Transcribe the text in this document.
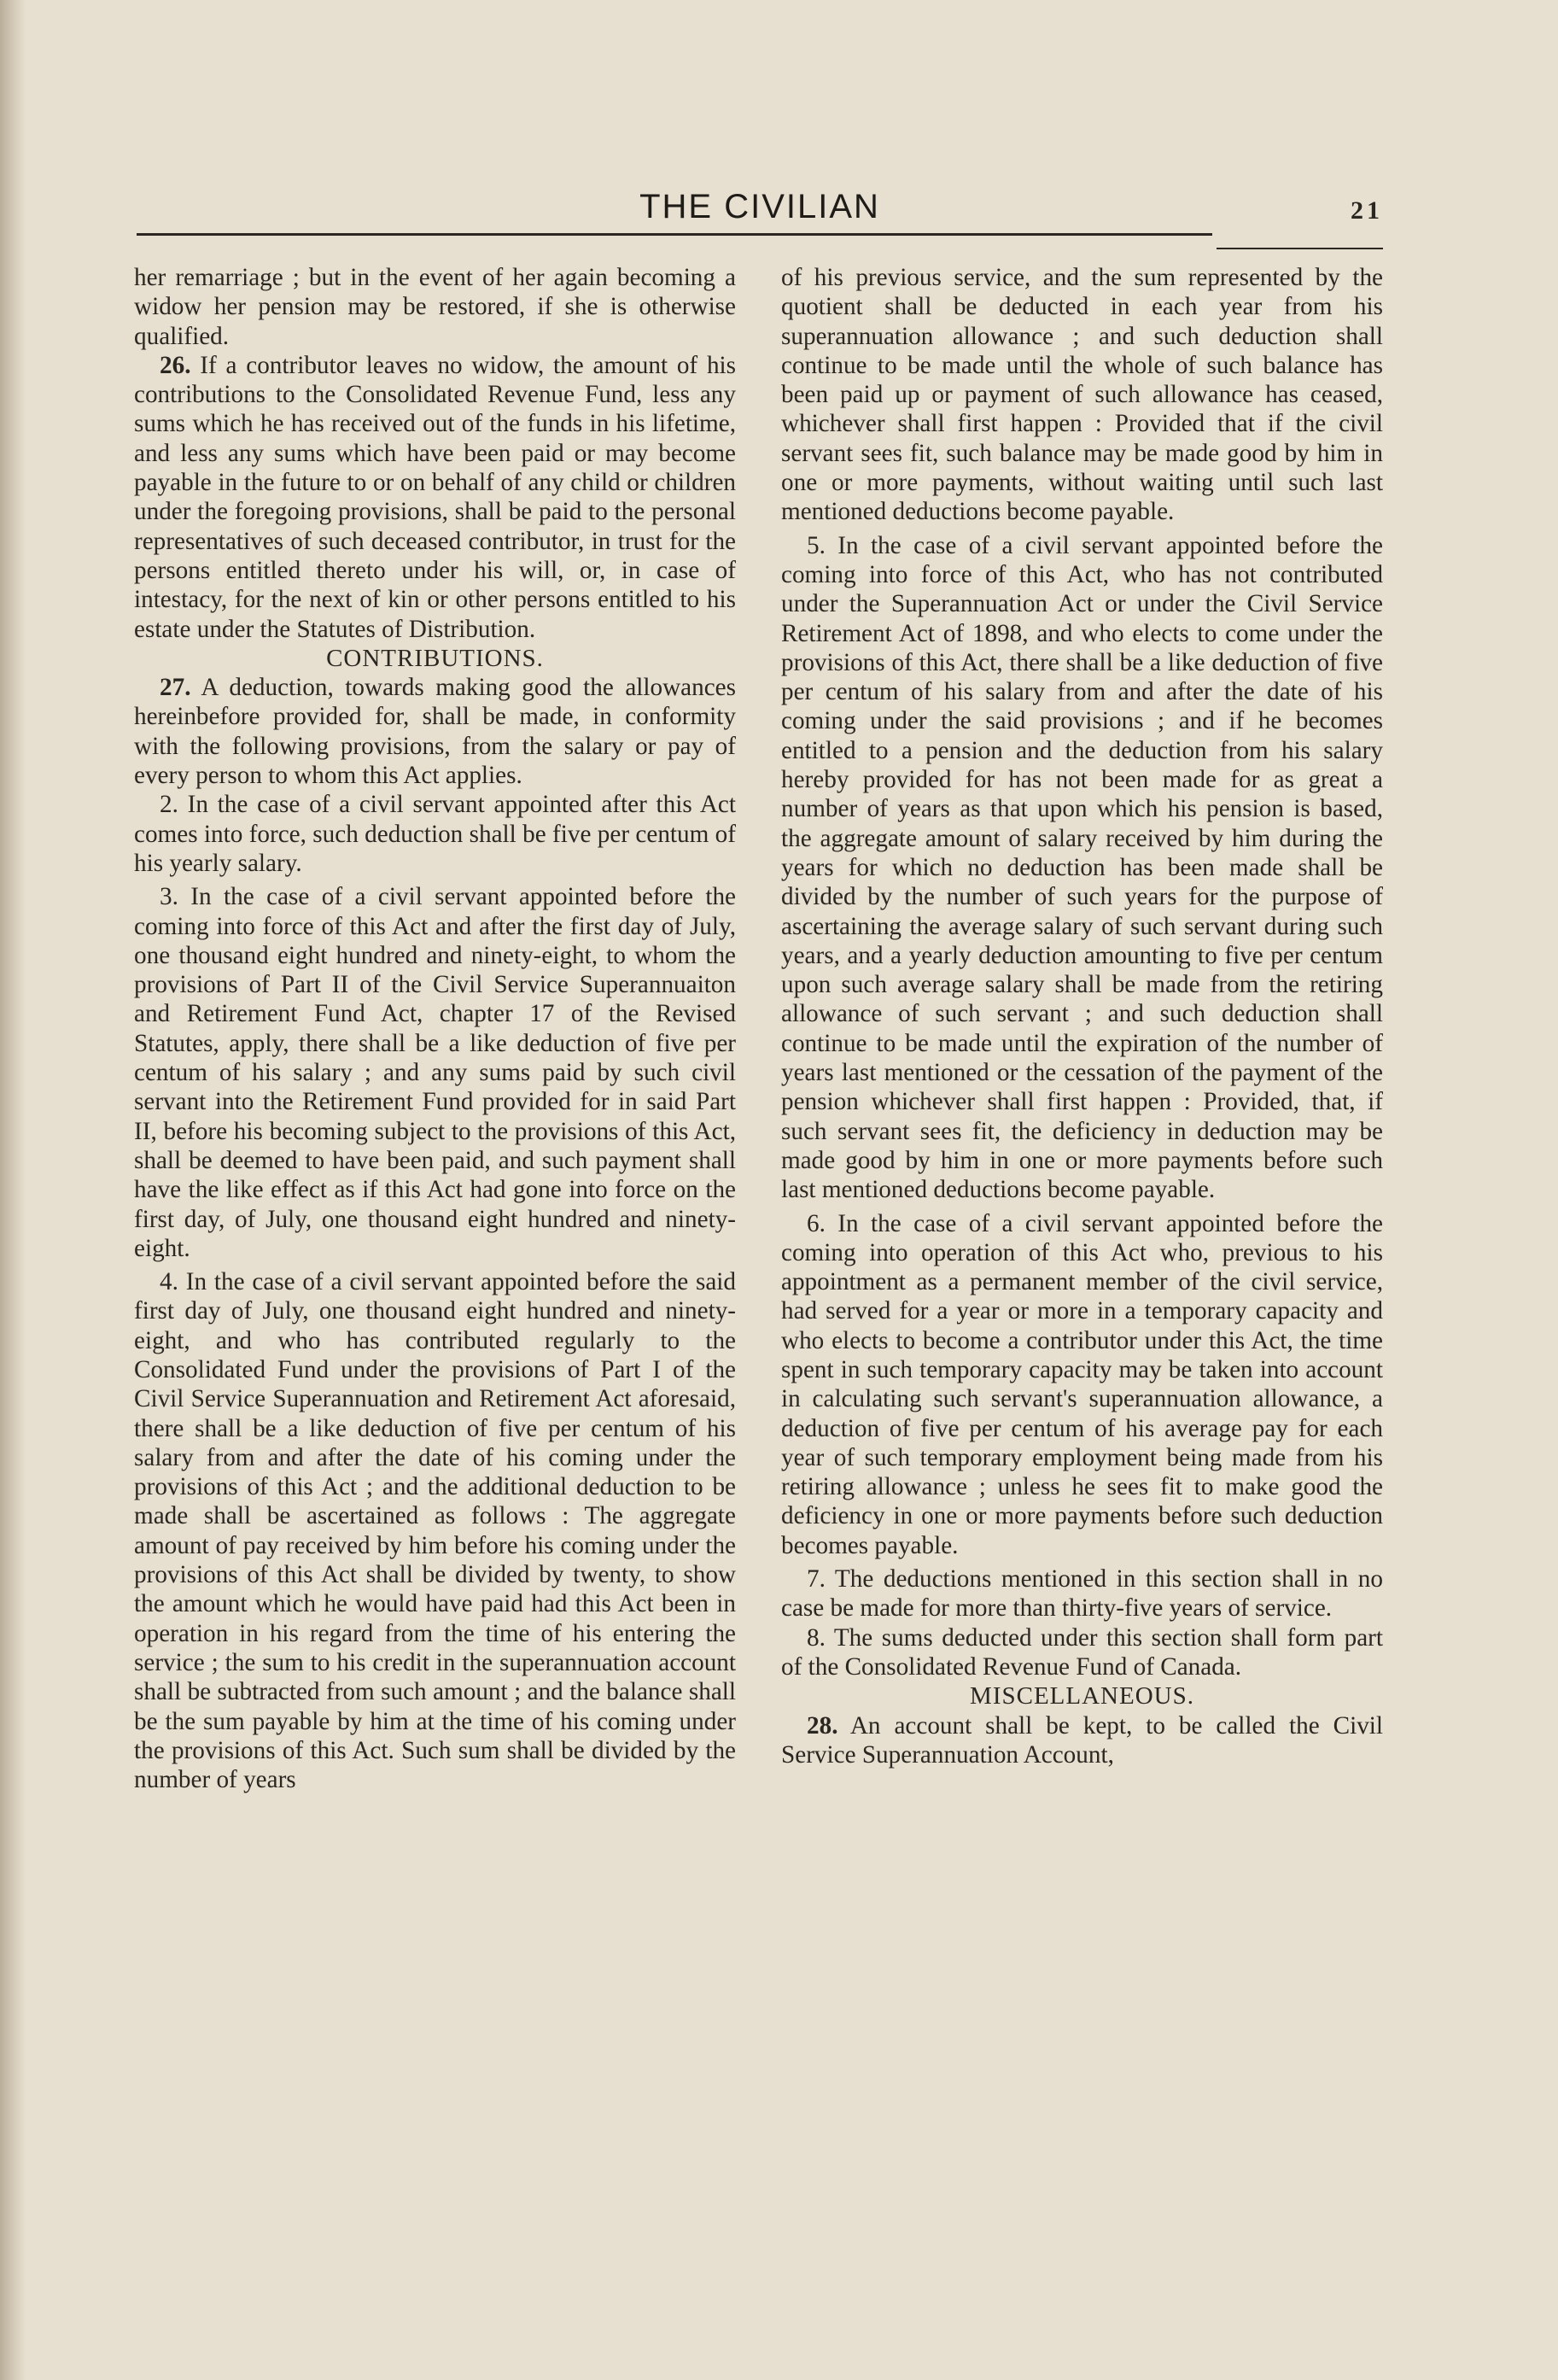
THE CIVILIAN	21

her remarriage ; but in the event of her again becoming a widow her pension may be restored, if she is otherwise qualified.

26. If a contributor leaves no widow, the amount of his contributions to the Consolidated Revenue Fund, less any sums which he has received out of the funds in his lifetime, and less any sums which have been paid or may become payable in the future to or on behalf of any child or children under the foregoing provisions, shall be paid to the personal representatives of such deceased contributor, in trust for the persons entitled thereto under his will, or, in case of intestacy, for the next of kin or other persons entitled to his estate under the Statutes of Distribution.

CONTRIBUTIONS.

27. A deduction, towards making good the allowances hereinbefore provided for, shall be made, in conformity with the following provisions, from the salary or pay of every person to whom this Act applies.

2. In the case of a civil servant appointed after this Act comes into force, such deduction shall be five per centum of his yearly salary.

3. In the case of a civil servant appointed before the coming into force of this Act and after the first day of July, one thousand eight hundred and ninety-eight, to whom the provisions of Part II of the Civil Service Superannuaiton and Retirement Fund Act, chapter 17 of the Revised Statutes, apply, there shall be a like deduction of five per centum of his salary ; and any sums paid by such civil servant into the Retirement Fund provided for in said Part II, before his becoming subject to the provisions of this Act, shall be deemed to have been paid, and such payment shall have the like effect as if this Act had gone into force on the first day, of July, one thousand eight hundred and ninety-eight.

4. In the case of a civil servant appointed before the said first day of July, one thousand eight hundred and ninety-eight, and who has contributed regularly to the Consolidated Fund under the provisions of Part I of the Civil Service Superannuation and Retirement Act aforesaid, there shall be a like deduction of five per centum of his salary from and after the date of his coming under the provisions of this Act ; and the additional deduction to be made shall be ascertained as follows : The aggregate amount of pay received by him before his coming under the provisions of this Act shall be divided by twenty, to show the amount which he would have paid had this Act been in operation in his regard from the time of his entering the service ; the sum to his credit in the superannuation account shall be subtracted from such amount ; and the balance shall be the sum payable by him at the time of his coming under the provisions of this Act. Such sum shall be divided by the number of years

of his previous service, and the sum represented by the quotient shall be deducted in each year from his superannuation allowance ; and such deduction shall continue to be made until the whole of such balance has been paid up or payment of such allowance has ceased, whichever shall first happen : Provided that if the civil servant sees fit, such balance may be made good by him in one or more payments, without waiting until such last mentioned deductions become payable.

5. In the case of a civil servant appointed before the coming into force of this Act, who has not contributed under the Superannuation Act or under the Civil Service Retirement Act of 1898, and who elects to come under the provisions of this Act, there shall be a like deduction of five per centum of his salary from and after the date of his coming under the said provisions ; and if he becomes entitled to a pension and the deduction from his salary hereby provided for has not been made for as great a number of years as that upon which his pension is based, the aggregate amount of salary received by him during the years for which no deduction has been made shall be divided by the number of such years for the purpose of ascertaining the average salary of such servant during such years, and a yearly deduction amounting to five per centum upon such average salary shall be made from the retiring allowance of such servant ; and such deduction shall continue to be made until the expiration of the number of years last mentioned or the cessation of the payment of the pension whichever shall first happen : Provided, that, if such servant sees fit, the deficiency in deduction may be made good by him in one or more payments before such last mentioned deductions become payable.

6. In the case of a civil servant appointed before the coming into operation of this Act who, previous to his appointment as a permanent member of the civil service, had served for a year or more in a temporary capacity and who elects to become a contributor under this Act, the time spent in such temporary capacity may be taken into account in calculating such servant's superannuation allowance, a deduction of five per centum of his average pay for each year of such temporary employment being made from his retiring allowance ; unless he sees fit to make good the deficiency in one or more payments before such deduction becomes payable.

7. The deductions mentioned in this section shall in no case be made for more than thirty-five years of service.

8. The sums deducted under this section shall form part of the Consolidated Revenue Fund of Canada.

MISCELLANEOUS.

28. An account shall be kept, to be called the Civil Service Superannuation Account,
